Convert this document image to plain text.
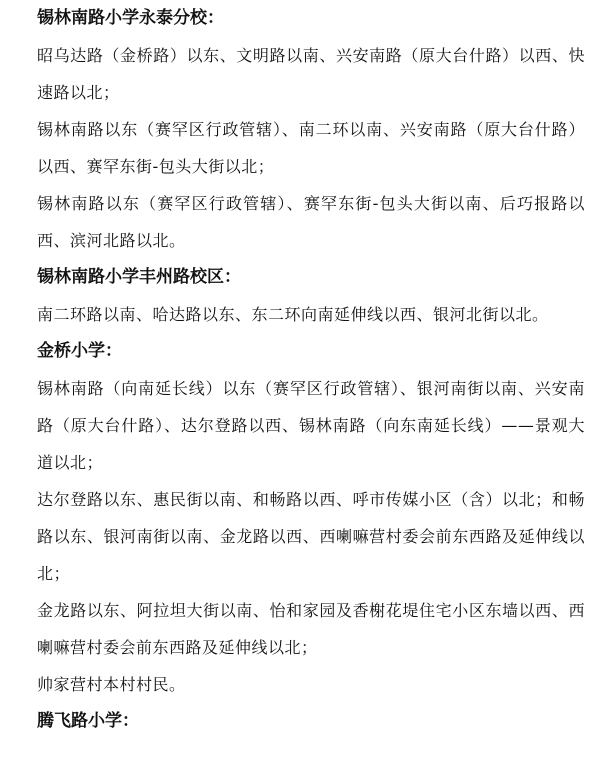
锡林南路小学永泰分校：

昭乌达路（金桥路）以东、文明路以南、兴安南路（原大台什路）以西、快速路以北；

锡林南路以东（赛罕区行政管辖）、南二环以南、兴安南路（原大台什路）以西、赛罕东街-包头大街以北；

锡林南路以东（赛罕区行政管辖）、赛罕东街-包头大街以南、后巧报路以西、滨河北路以北。

锡林南路小学丰州路校区：

南二环路以南、哈达路以东、东二环向南延伸线以西、银河北街以北。

金桥小学：

锡林南路（向南延长线）以东（赛罕区行政管辖）、银河南街以南、兴安南路（原大台什路）、达尔登路以西、锡林南路（向东南延长线）——景观大道以北；

达尔登路以东、惠民街以南、和畅路以西、呼市传媒小区（含）以北；和畅路以东、银河南街以南、金龙路以西、西喇嘛营村委会前东西路及延伸线以北；

金龙路以东、阿拉坦大街以南、怡和家园及香榭花堤住宅小区东墙以西、西喇嘛营村委会前东西路及延伸线以北；

帅家营村本村村民。

腾飞路小学：
